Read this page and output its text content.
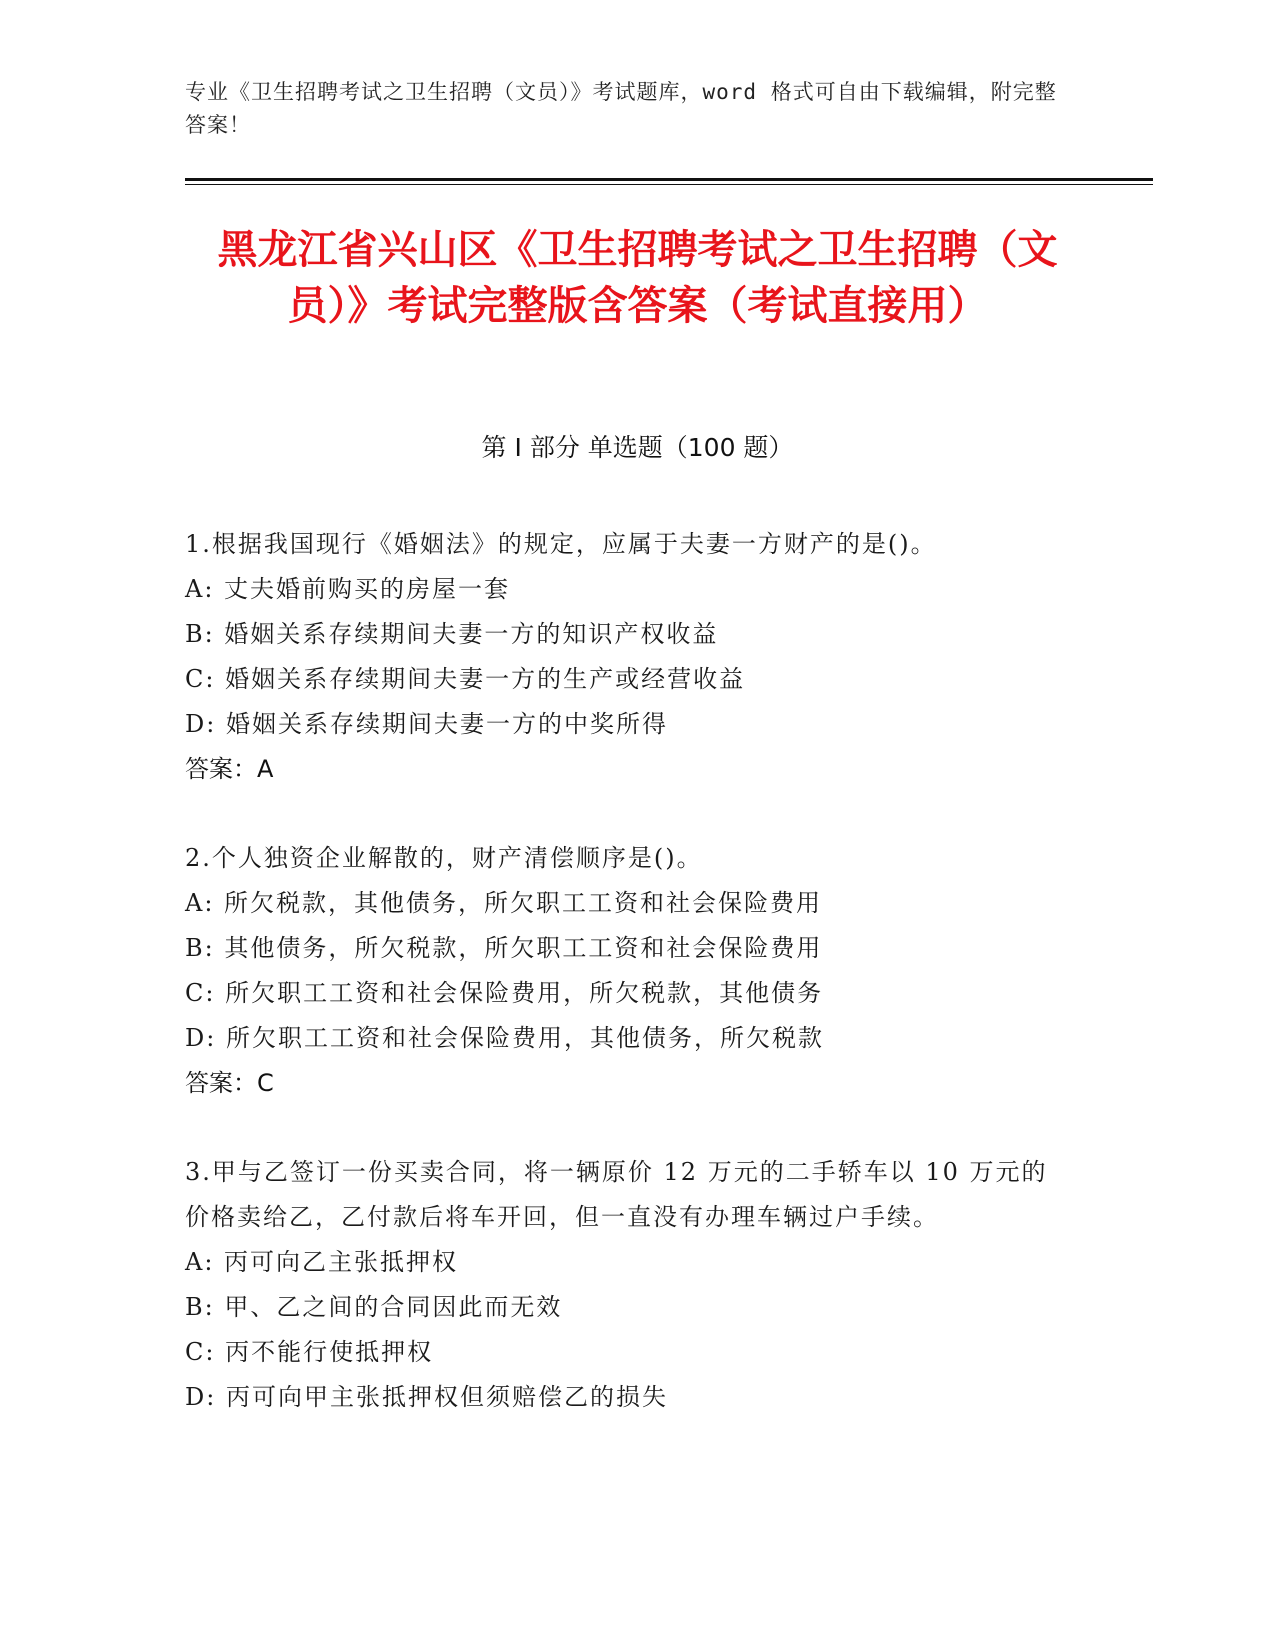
专业《卫生招聘考试之卫生招聘（文员）》考试题库，word 格式可自由下载编辑，附完整答案！
黑龙江省兴山区《卫生招聘考试之卫生招聘（文员）》考试完整版含答案（考试直接用）
第 I 部分 单选题（100 题）
1.根据我国现行《婚姻法》的规定，应属于夫妻一方财产的是()。
A: 丈夫婚前购买的房屋一套
B: 婚姻关系存续期间夫妻一方的知识产权收益
C: 婚姻关系存续期间夫妻一方的生产或经营收益
D: 婚姻关系存续期间夫妻一方的中奖所得
答案：A
2.个人独资企业解散的，财产清偿顺序是()。
A: 所欠税款，其他债务，所欠职工工资和社会保险费用
B: 其他债务，所欠税款，所欠职工工资和社会保险费用
C: 所欠职工工资和社会保险费用，所欠税款，其他债务
D: 所欠职工工资和社会保险费用，其他债务，所欠税款
答案：C
3.甲与乙签订一份买卖合同，将一辆原价 12 万元的二手轿车以 10 万元的价格卖给乙，乙付款后将车开回，但一直没有办理车辆过户手续。
A: 丙可向乙主张抵押权
B: 甲、乙之间的合同因此而无效
C: 丙不能行使抵押权
D: 丙可向甲主张抵押权但须赔偿乙的损失
